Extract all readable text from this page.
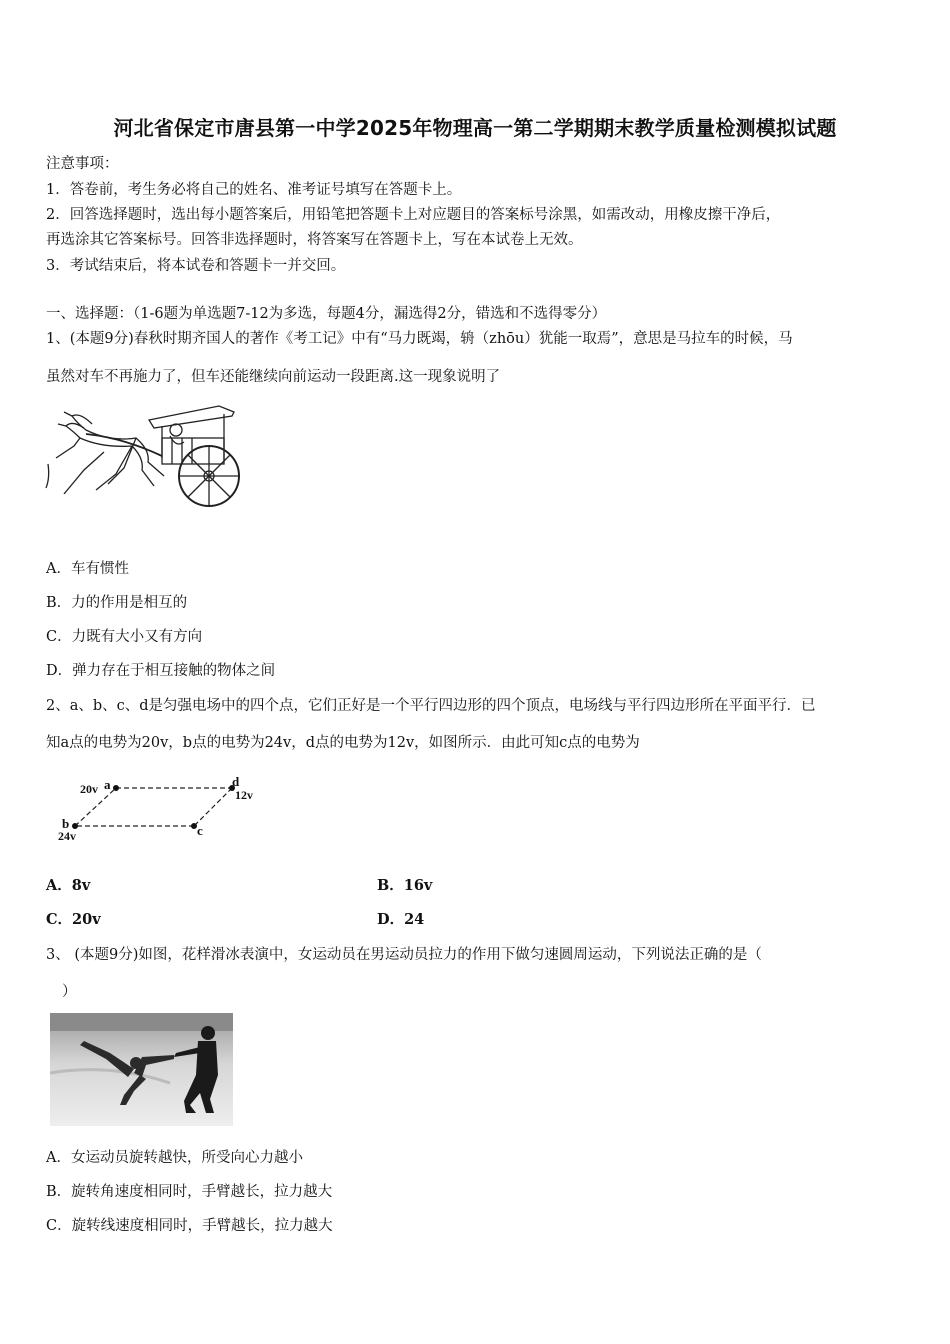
河北省保定市唐县第一中学2025年物理高一第二学期期末教学质量检测模拟试题
注意事项：
1．答卷前，考生务必将自己的姓名、准考证号填写在答题卡上。
2．回答选择题时，选出每小题答案后，用铅笔把答题卡上对应题目的答案标号涂黑，如需改动，用橡皮擦干净后，
再选涂其它答案标号。回答非选择题时，将答案写在答题卡上，写在本试卷上无效。
3．考试结束后，将本试卷和答题卡一并交回。
一、选择题：（1-6题为单选题7-12为多选，每题4分，漏选得2分，错选和不选得零分）
1、(本题9分)春秋时期齐国人的著作《考工记》中有“马力既竭，辀（zhōu）犹能一取焉”，意思是马拉车的时候，马
虽然对车不再施力了，但车还能继续向前运动一段距离.这一现象说明了
A．车有惯性
B．力的作用是相互的
C．力既有大小又有方向
D．弹力存在于相互接触的物体之间
2、a、b、c、d是匀强电场中的四个点，它们正好是一个平行四边形的四个顶点，电场线与平行四边形所在平面平行．已
知a点的电势为20v，b点的电势为24v，d点的电势为12v，如图所示．由此可知c点的电势为
20v a	d
12v
c
b
24v
A．8v	B．16v
C．20v	D．24
3、 (本题9分)如图，花样滑冰表演中，女运动员在男运动员拉力的作用下做匀速圆周运动，下列说法正确的是（
）
A．女运动员旋转越快，所受向心力越小
B．旋转角速度相同时，手臂越长，拉力越大
C．旋转线速度相同时，手臂越长，拉力越大
